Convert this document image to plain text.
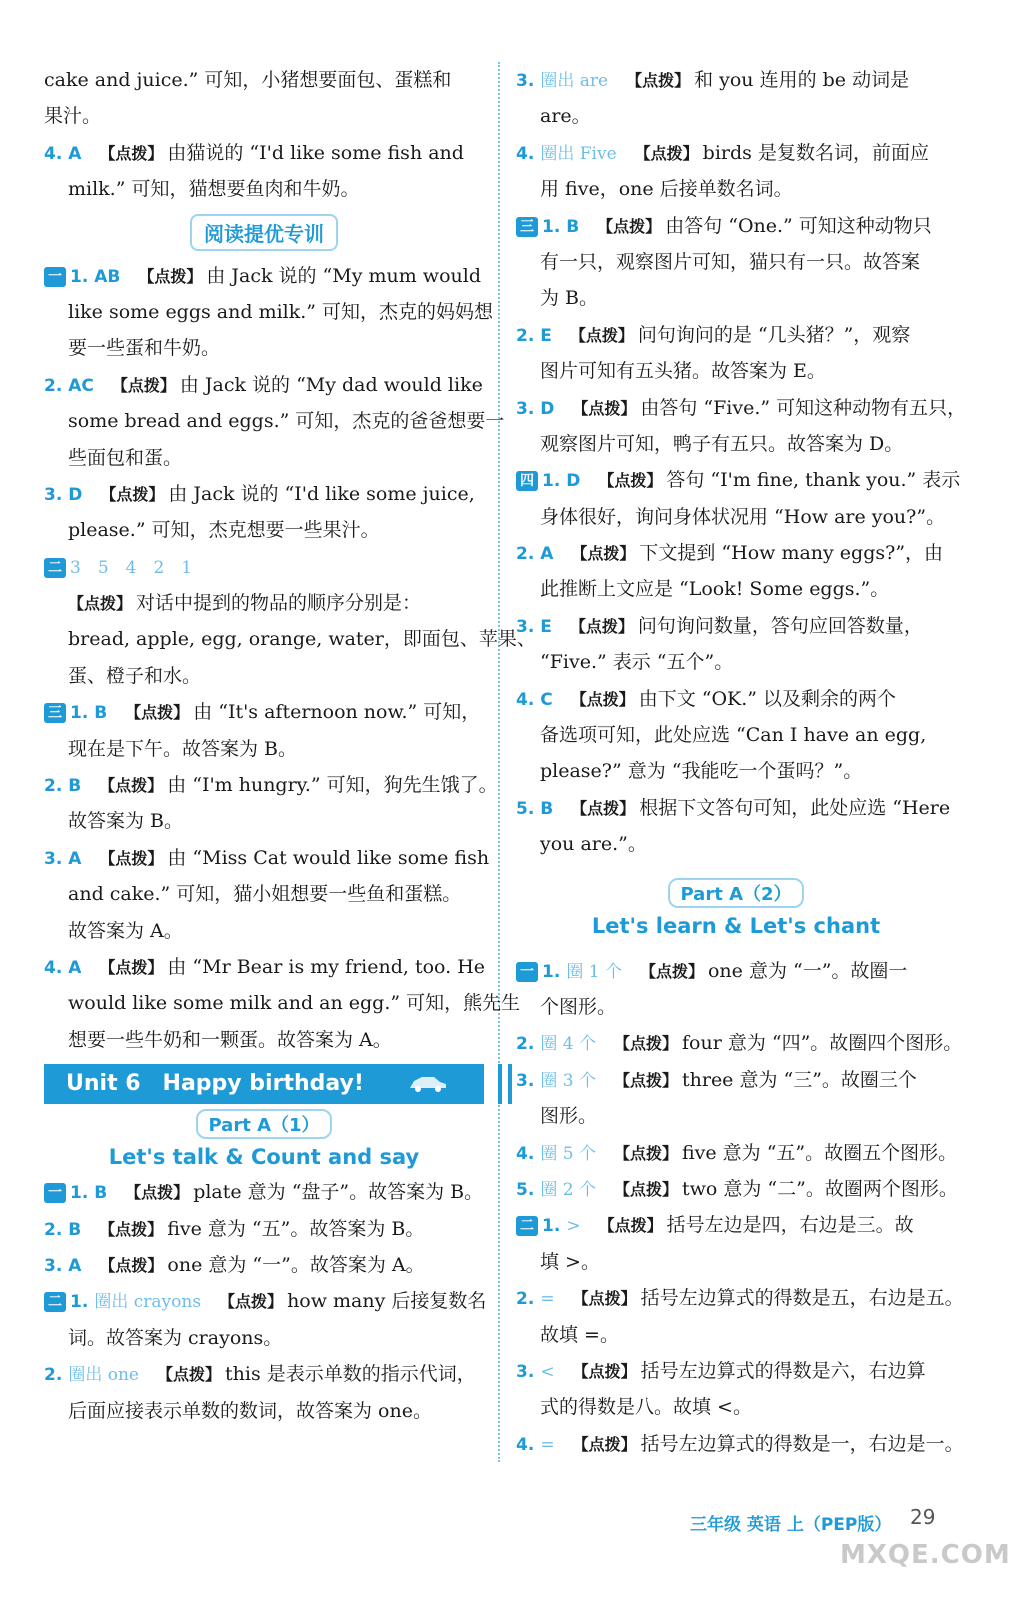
cake and juice.” 可知，小猪想要面包、蛋糕和
果汁。
4. A 【点拨】 由猫说的 “I'd like some fish and
milk.” 可知，猫想要鱼肉和牛奶。
阅读提优专训
一 1. AB 【点拨】 由 Jack 说的 “My mum would
like some eggs and milk.” 可知，杰克的妈妈想
要一些蛋和牛奶。
2. AC 【点拨】 由 Jack 说的 “My dad would like
some bread and eggs.” 可知，杰克的爸爸想要一
些面包和蛋。
3. D 【点拨】 由 Jack 说的 “I'd like some juice,
please.” 可知，杰克想要一些果汁。
二 3　5　4　2　1
【点拨】 对话中提到的物品的顺序分别是：
bread, apple, egg, orange, water，即面包、苹果、
蛋、橙子和水。
三 1. B 【点拨】 由 “It's afternoon now.” 可知，
现在是下午。故答案为 B。
2. B 【点拨】 由 “I'm hungry.” 可知，狗先生饿了。
故答案为 B。
3. A 【点拨】 由 “Miss Cat would like some fish
and cake.” 可知，猫小姐想要一些鱼和蛋糕。
故答案为 A。
4. A 【点拨】 由 “Mr Bear is my friend, too. He
would like some milk and an egg.” 可知，熊先生
想要一些牛奶和一颗蛋。故答案为 A。
Unit 6　Happy birthday!
Part A（1）
Let's talk & Count and say
一 1. B 【点拨】 plate 意为 “盘子”。故答案为 B。
2. B 【点拨】 five 意为 “五”。故答案为 B。
3. A 【点拨】 one 意为 “一”。故答案为 A。
二 1. 圈出 crayons 【点拨】 how many 后接复数名
词。故答案为 crayons。
2. 圈出 one 【点拨】 this 是表示单数的指示代词，
后面应接表示单数的数词，故答案为 one。
3. 圈出 are 【点拨】 和 you 连用的 be 动词是
are。
4. 圈出 Five 【点拨】 birds 是复数名词，前面应
用 five，one 后接单数名词。
三 1. B 【点拨】 由答句 “One.” 可知这种动物只
有一只，观察图片可知，猫只有一只。故答案
为 B。
2. E 【点拨】 问句询问的是 “几头猪？”，观察
图片可知有五头猪。故答案为 E。
3. D 【点拨】 由答句 “Five.” 可知这种动物有五只，
观察图片可知，鸭子有五只。故答案为 D。
四 1. D 【点拨】 答句 “I'm fine, thank you.” 表示
身体很好，询问身体状况用 “How are you?”。
2. A 【点拨】 下文提到 “How many eggs?”，由
此推断上文应是 “Look! Some eggs.”。
3. E 【点拨】 问句询问数量，答句应回答数量，
“Five.” 表示 “五个”。
4. C 【点拨】 由下文 “OK.” 以及剩余的两个
备选项可知，此处应选 “Can I have an egg,
please?” 意为 “我能吃一个蛋吗？”。
5. B 【点拨】 根据下文答句可知，此处应选 “Here
you are.”。
Part A（2）
Let's learn & Let's chant
一 1. 圈 1 个 【点拨】 one 意为 “一”。故圈一
个图形。
2. 圈 4 个 【点拨】 four 意为 “四”。故圈四个图形。
3. 圈 3 个 【点拨】 three 意为 “三”。故圈三个
图形。
4. 圈 5 个 【点拨】 five 意为 “五”。故圈五个图形。
5. 圈 2 个 【点拨】 two 意为 “二”。故圈两个图形。
二 1. > 【点拨】 括号左边是四，右边是三。故
填 >。
2. = 【点拨】 括号左边算式的得数是五，右边是五。
故填 =。
3. < 【点拨】 括号左边算式的得数是六，右边算
式的得数是八。故填 <。
4. = 【点拨】 括号左边算式的得数是一，右边是一。
三年级 英语 上（PEP版） 29
MXQE.COM
